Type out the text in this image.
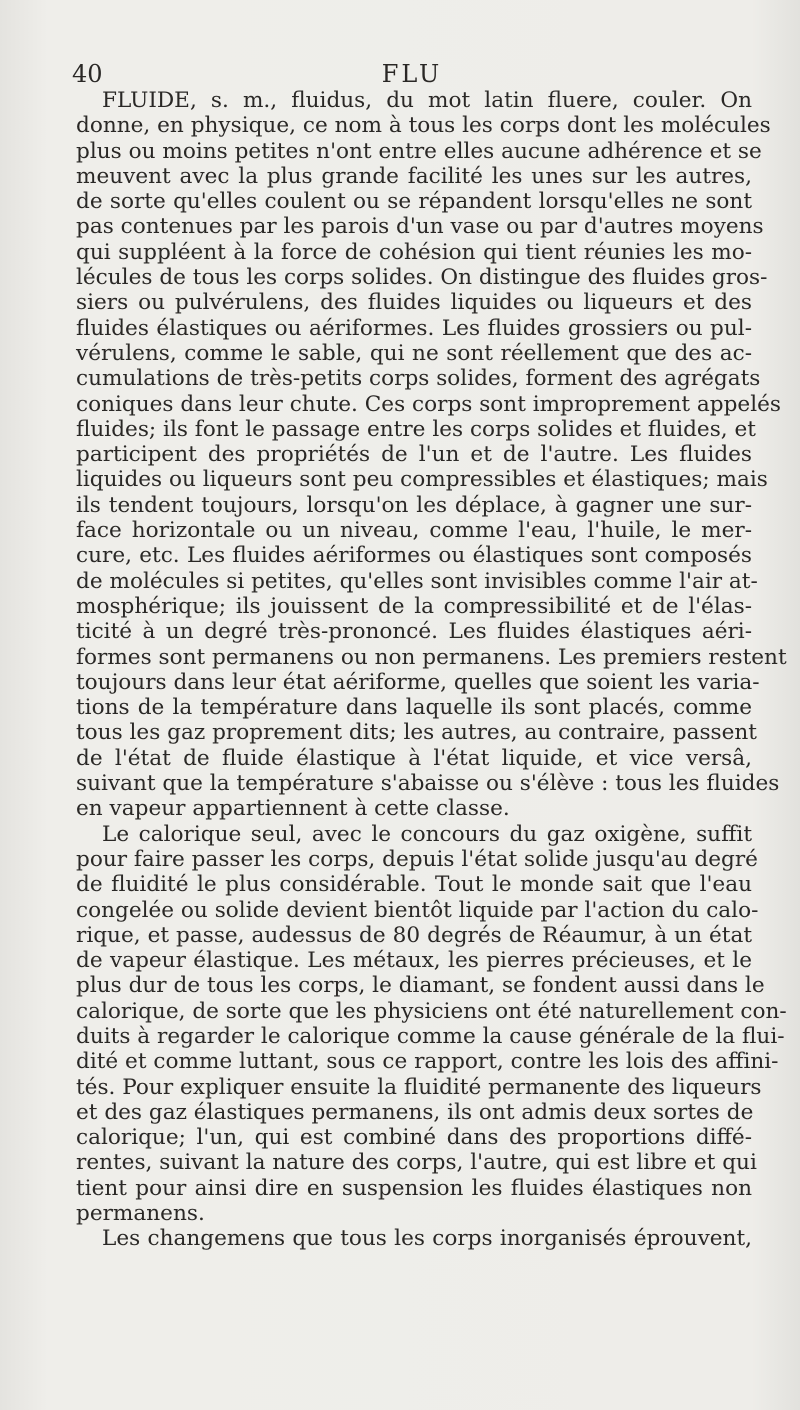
40	FLU
FLUIDE, s. m., fluidus, du mot latin fluere, couler. On
donne, en physique, ce nom à tous les corps dont les molécules
plus ou moins petites n'ont entre elles aucune adhérence et se
meuvent avec la plus grande facilité les unes sur les autres,
de sorte qu'elles coulent ou se répandent lorsqu'elles ne sont
pas contenues par les parois d'un vase ou par d'autres moyens
qui suppléent à la force de cohésion qui tient réunies les mo-
lécules de tous les corps solides. On distingue des fluides gros-
siers ou pulvérulens, des fluides liquides ou liqueurs et des
fluides élastiques ou aériformes. Les fluides grossiers ou pul-
vérulens, comme le sable, qui ne sont réellement que des ac-
cumulations de très-petits corps solides, forment des agrégats
coniques dans leur chute. Ces corps sont improprement appelés
fluides; ils font le passage entre les corps solides et fluides, et
participent des propriétés de l'un et de l'autre. Les fluides
liquides ou liqueurs sont peu compressibles et élastiques; mais
ils tendent toujours, lorsqu'on les déplace, à gagner une sur-
face horizontale ou un niveau, comme l'eau, l'huile, le mer-
cure, etc. Les fluides aériformes ou élastiques sont composés
de molécules si petites, qu'elles sont invisibles comme l'air at-
mosphérique; ils jouissent de la compressibilité et de l'élas-
ticité à un degré très-prononcé. Les fluides élastiques aéri-
formes sont permanens ou non permanens. Les premiers restent
toujours dans leur état aériforme, quelles que soient les varia-
tions de la température dans laquelle ils sont placés, comme
tous les gaz proprement dits; les autres, au contraire, passent
de l'état de fluide élastique à l'état liquide, et vice versâ,
suivant que la température s'abaisse ou s'élève : tous les fluides
en vapeur appartiennent à cette classe.
Le calorique seul, avec le concours du gaz oxigène, suffit
pour faire passer les corps, depuis l'état solide jusqu'au degré
de fluidité le plus considérable. Tout le monde sait que l'eau
congelée ou solide devient bientôt liquide par l'action du calo-
rique, et passe, audessus de 80 degrés de Réaumur, à un état
de vapeur élastique. Les métaux, les pierres précieuses, et le
plus dur de tous les corps, le diamant, se fondent aussi dans le
calorique, de sorte que les physiciens ont été naturellement con-
duits à regarder le calorique comme la cause générale de la flui-
dité et comme luttant, sous ce rapport, contre les lois des affini-
tés. Pour expliquer ensuite la fluidité permanente des liqueurs
et des gaz élastiques permanens, ils ont admis deux sortes de
calorique; l'un, qui est combiné dans des proportions diffé-
rentes, suivant la nature des corps, l'autre, qui est libre et qui
tient pour ainsi dire en suspension les fluides élastiques non
permanens.
Les changemens que tous les corps inorganisés éprouvent,
